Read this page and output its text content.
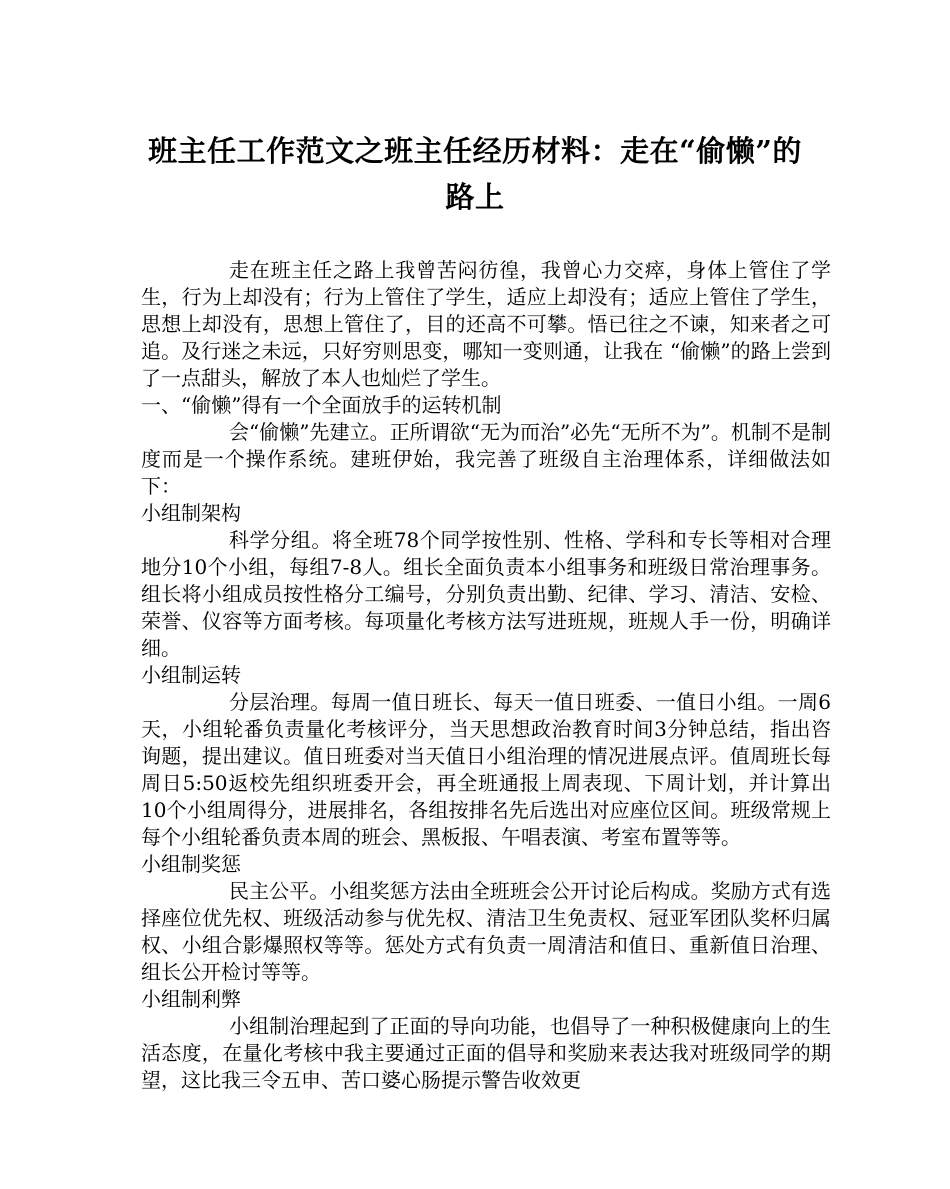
班主任工作范文之班主任经历材料：走在“偷懒”的路上

走在班主任之路上我曾苦闷彷徨，我曾心力交瘁，身体上管住了学生，行为上却没有；行为上管住了学生，适应上却没有；适应上管住了学生，思想上却没有，思想上管住了，目的还高不可攀。悟已往之不谏，知来者之可追。及行迷之未远，只好穷则思变，哪知一变则通，让我在 “偷懒”的路上尝到了一点甜头，解放了本人也灿烂了学生。

一、“偷懒”得有一个全面放手的运转机制

会“偷懒”先建立。正所谓欲“无为而治”必先“无所不为”。机制不是制度而是一个操作系统。建班伊始，我完善了班级自主治理体系，详细做法如下：

小组制架构

科学分组。将全班78个同学按性别、性格、学科和专长等相对合理地分10个小组，每组7-8人。组长全面负责本小组事务和班级日常治理事务。组长将小组成员按性格分工编号，分别负责出勤、纪律、学习、清洁、安检、荣誉、仪容等方面考核。每项量化考核方法写进班规，班规人手一份，明确详细。

小组制运转

分层治理。每周一值日班长、每天一值日班委、一值日小组。一周6天，小组轮番负责量化考核评分，当天思想政治教育时间3分钟总结，指出咨询题，提出建议。值日班委对当天值日小组治理的情况进展点评。值周班长每周日5:50返校先组织班委开会，再全班通报上周表现、下周计划，并计算出10个小组周得分，进展排名，各组按排名先后选出对应座位区间。班级常规上每个小组轮番负责本周的班会、黑板报、午唱表演、考室布置等等。

小组制奖惩

民主公平。小组奖惩方法由全班班会公开讨论后构成。奖励方式有选择座位优先权、班级活动参与优先权、清洁卫生免责权、冠亚军团队奖杯归属权、小组合影爆照权等等。惩处方式有负责一周清洁和值日、重新值日治理、组长公开检讨等等。

小组制利弊

小组制治理起到了正面的导向功能，也倡导了一种积极健康向上的生活态度，在量化考核中我主要通过正面的倡导和奖励来表达我对班级同学的期望，这比我三令五申、苦口婆心肠提示警告收效更
